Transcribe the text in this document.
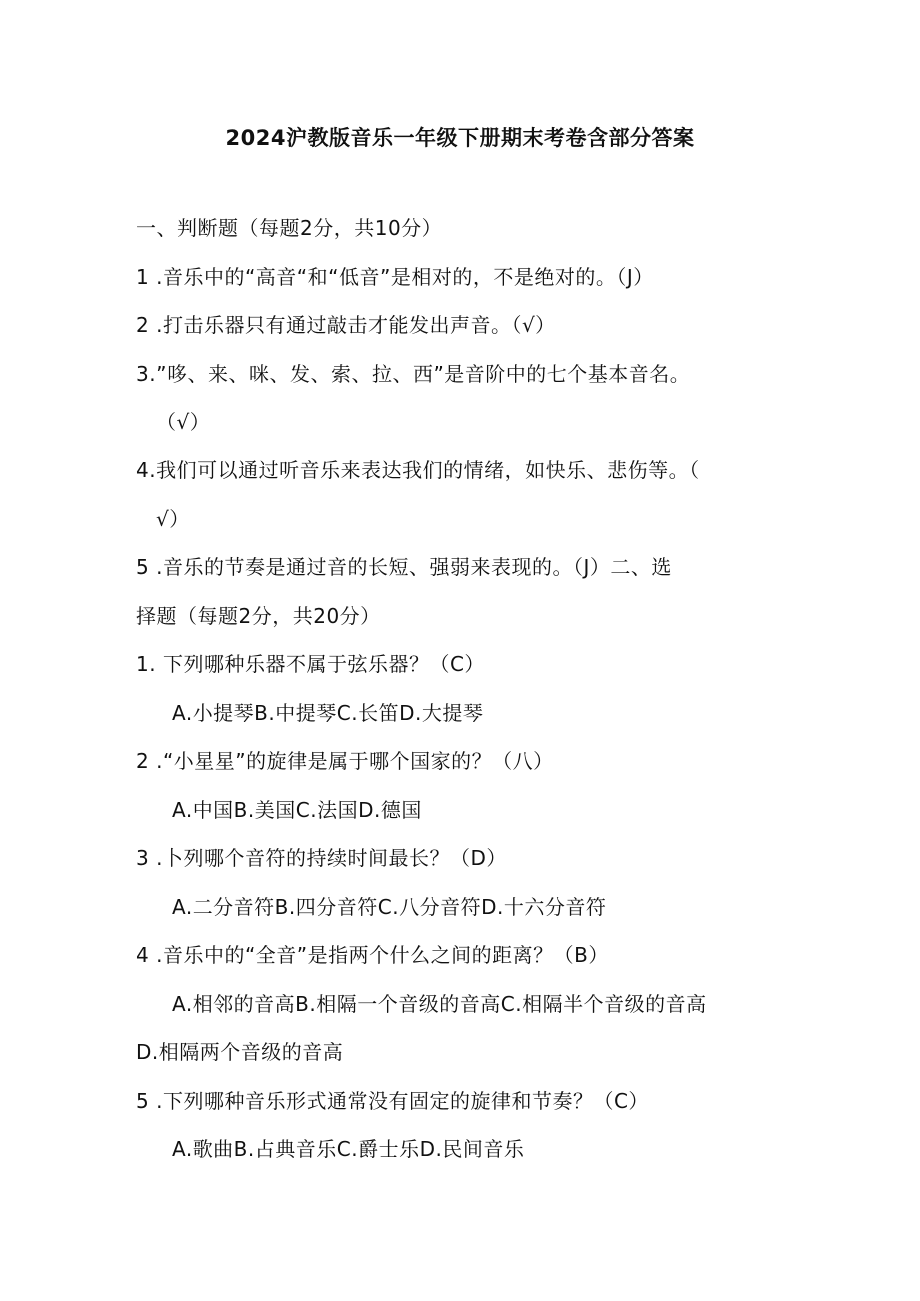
2024沪教版音乐一年级下册期末考卷含部分答案
一、判断题（每题2分，共10分）
1 .音乐中的“高音“和“低音”是相对的，不是绝对的。（J）
2 .打击乐器只有通过敲击才能发出声音。（√）
3.”哆、来、咪、发、索、拉、西”是音阶中的七个基本音名。
（√）
4.我们可以通过听音乐来表达我们的情绪，如快乐、悲伤等。（
√）
5 .音乐的节奏是通过音的长短、强弱来表现的。（J）二、选
择题（每题2分，共20分）
1. 下列哪种乐器不属于弦乐器？（C）
A.小提琴B.中提琴C.长笛D.大提琴
2 .“小星星”的旋律是属于哪个国家的？（八）
A.中国B.美国C.法国D.德国
3 .卜列哪个音符的持续时间最长？（D）
A.二分音符B.四分音符C.八分音符D.十六分音符
4 .音乐中的“全音”是指两个什么之间的距离？（B）
A.相邻的音高B.相隔一个音级的音高C.相隔半个音级的音高
D.相隔两个音级的音高
5 .下列哪种音乐形式通常没有固定的旋律和节奏？（C）
A.歌曲B.占典音乐C.爵士乐D.民间音乐
